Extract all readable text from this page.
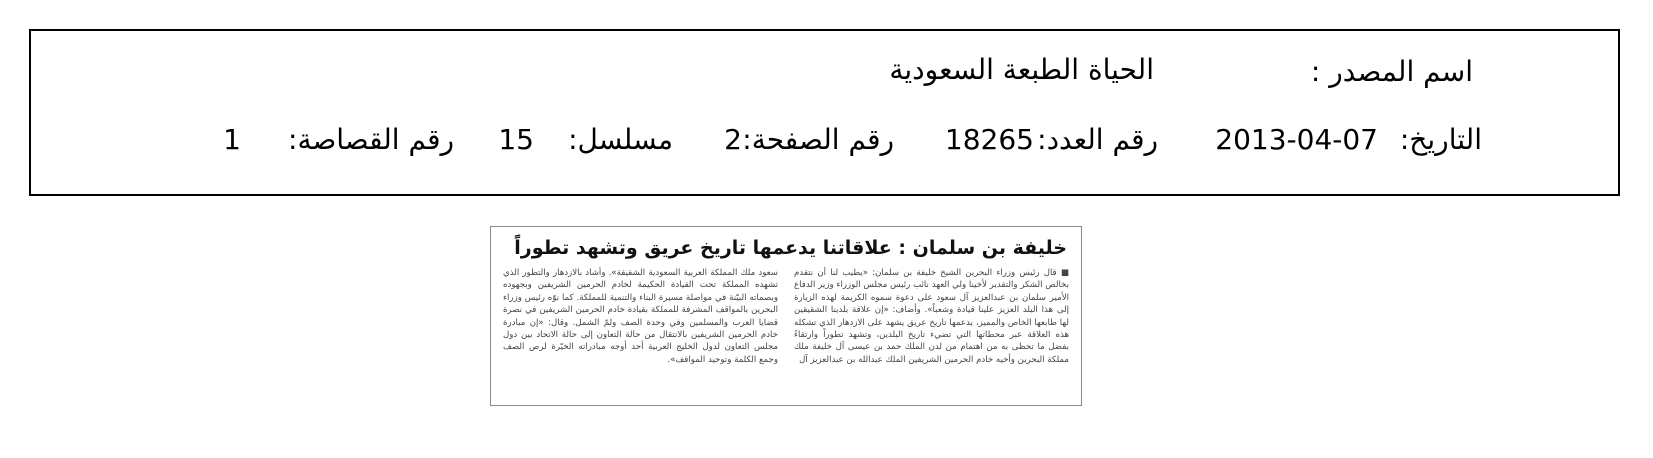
اسم المصدر :
الحياة الطبعة السعودية
التاريخ:
2013-04-07
رقم العدد:
18265
رقم الصفحة:
2
مسلسل:
15
رقم القصاصة:
1
خليفة بن سلمان : علاقاتنا يدعمها تاريخ عريق وتشهد تطوراً

■ قال رئيس وزراء البحرين الشيخ خليفة بن سلمان: «يطيب لنا أن نتقدم بخالص الشكر والتقدير لأخينا ولي العهد نائب رئيس مجلس الوزراء وزير الدفاع الأمير سلمان بن عبدالعزيز آل سعود على دعوة سموه الكريمة لهذه الزيارة إلى هذا البلد العزيز علينا قيادة وشعباً». وأضاف: «إن علاقة بلدينا الشقيقين لها طابعها الخاص والمميز، يدعمها تاريخ عريق يشهد على الازدهار الذي تشكله هذه العلاقة عبر محطاتها التي تضيء تاريخ البلدين، وتشهد تطوراً وارتقاءً بفضل ما تحظى به من اهتمام من لدن الملك حمد بن عيسى آل خليفة ملك مملكة البحرين وأخيه خادم الحرمين الشريفين الملك عبدالله بن عبدالعزيز آل

سعود ملك المملكة العربية السعودية الشقيقة». وأشاد بالازدهار والتطور الذي تشهده المملكة تحت القيادة الحكيمة لخادم الحرمين الشريفين وبجهوده وبصماته البيّنة في مواصلة مسيرة البناء والتنمية للمملكة. كما نوّه رئيس وزراء البحرين بالمواقف المشرفة للمملكة بقيادة خادم الحرمين الشريفين في نصرة قضايا العرب والمسلمين وفي وحدة الصف ولمّ الشمل. وقال: «إن مبادرة خادم الحرمين الشريفين بالانتقال من حالة التعاون إلى حالة الاتحاد بين دول مجلس التعاون لدول الخليج العربية أحد أوجه مبادراته الخيّرة لرص الصف وجمع الكلمة وتوحيد المواقف».
